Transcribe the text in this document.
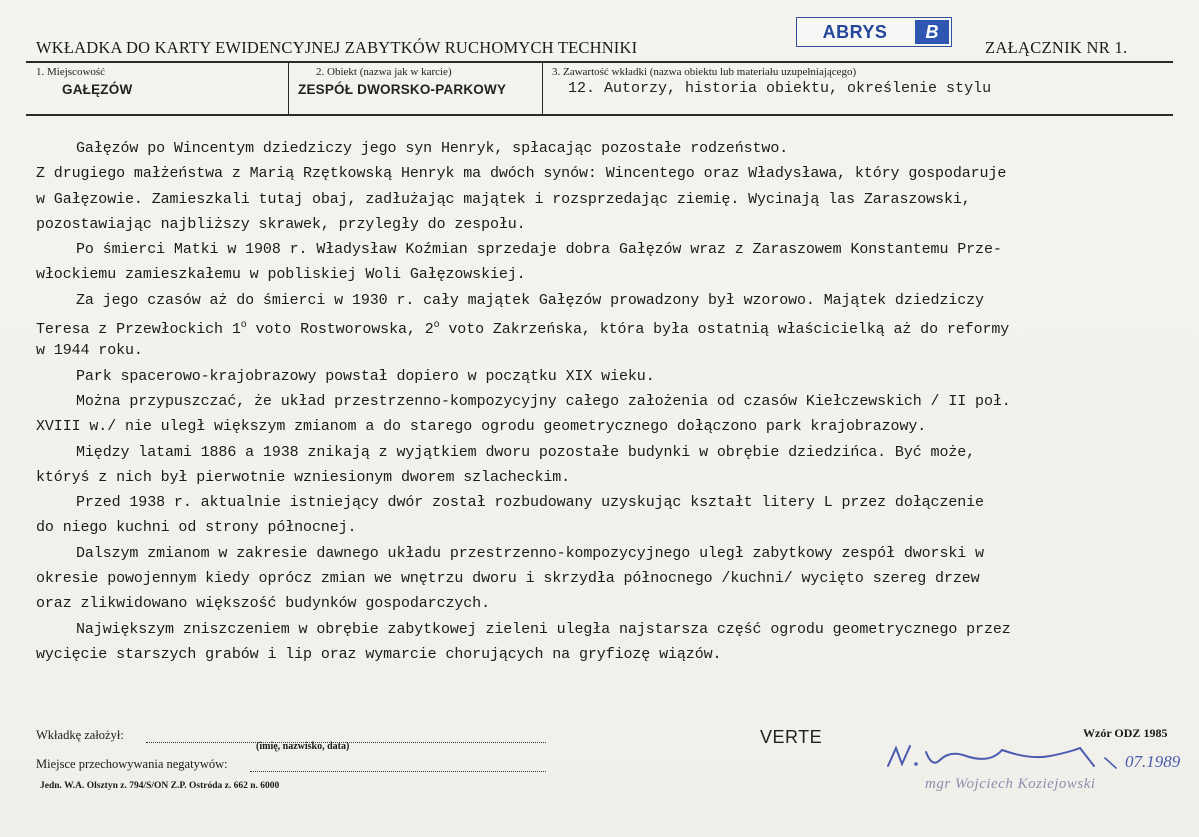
WKŁADKA DO KARTY EWIDENCYJNEJ ZABYTKÓW RUCHOMYCH TECHNIKI
ABRYS	B
ZAŁĄCZNIK NR 1.
1. Miejscowość
GAŁĘZÓW
2. Obiekt (nazwa jak w karcie)
ZESPÓŁ DWORSKO-PARKOWY
3. Zawartość wkładki (nazwa obiektu lub materiału uzupełniającego)
12. Autorzy, historia obiektu, określenie stylu
Gałęzów po Wincentym dziedziczy jego syn Henryk, spłacając pozostałe rodzeństwo.
Z drugiego małżeństwa z Marią Rzętkowską Henryk ma dwóch synów: Wincentego oraz Władysława, który gospodaruje
w Gałęzowie. Zamieszkali tutaj obaj, zadłużając majątek i rozsprzedając ziemię. Wycinają las Zaraszowski,
pozostawiając najbliższy skrawek, przyległy do zespołu.
Po śmierci Matki w 1908 r. Władysław Koźmian sprzedaje dobra Gałęzów wraz z Zaraszowem Konstantemu Prze-
włockiemu zamieszkałemu w pobliskiej Woli Gałęzowskiej.
Za jego czasów aż do śmierci w 1930 r. cały majątek Gałęzów prowadzony był wzorowo. Majątek dziedziczy
Teresa z Przewłockich 1$^o$ voto Rostworowska, 2$^o$ voto Zakrzeńska, która była ostatnią właścicielką aż do reformy
w 1944 roku.
Park spacerowo-krajobrazowy powstał dopiero w początku XIX wieku.
Można przypuszczać, że układ przestrzenno-kompozycyjny całego założenia od czasów Kiełczewskich / II poł.
XVIII w./ nie uległ większym zmianom a do starego ogrodu geometrycznego dołączono park krajobrazowy.
Między latami 1886 a 1938 znikają z wyjątkiem dworu pozostałe budynki w obrębie dziedzińca. Być może,
któryś z nich był pierwotnie wzniesionym dworem szlacheckim.
Przed 1938 r. aktualnie istniejący dwór został rozbudowany uzyskując kształt litery L przez dołączenie
do niego kuchni od strony północnej.
Dalszym zmianom w zakresie dawnego układu przestrzenno-kompozycyjnego uległ zabytkowy zespół dworski w
okresie powojennym kiedy oprócz zmian we wnętrzu dworu i skrzydła północnego /kuchni/ wycięto szereg drzew
oraz zlikwidowano większość budynków gospodarczych.
Największym zniszczeniem w obrębie zabytkowej zieleni uległa najstarsza część ogrodu geometrycznego przez
wycięcie starszych grabów i lip oraz wymarcie chorujących na gryfiozę wiązów.
Wkładkę założył:
(imię, nazwisko, data)
Miejsce przechowywania negatywów:
Jedn. W.A. Olsztyn z. 794/S/ON Z.P. Ostróda z. 662 n. 6000
VERTE	Wzór ODZ 1985
07.1989
mgr Wojciech Koziejowski
